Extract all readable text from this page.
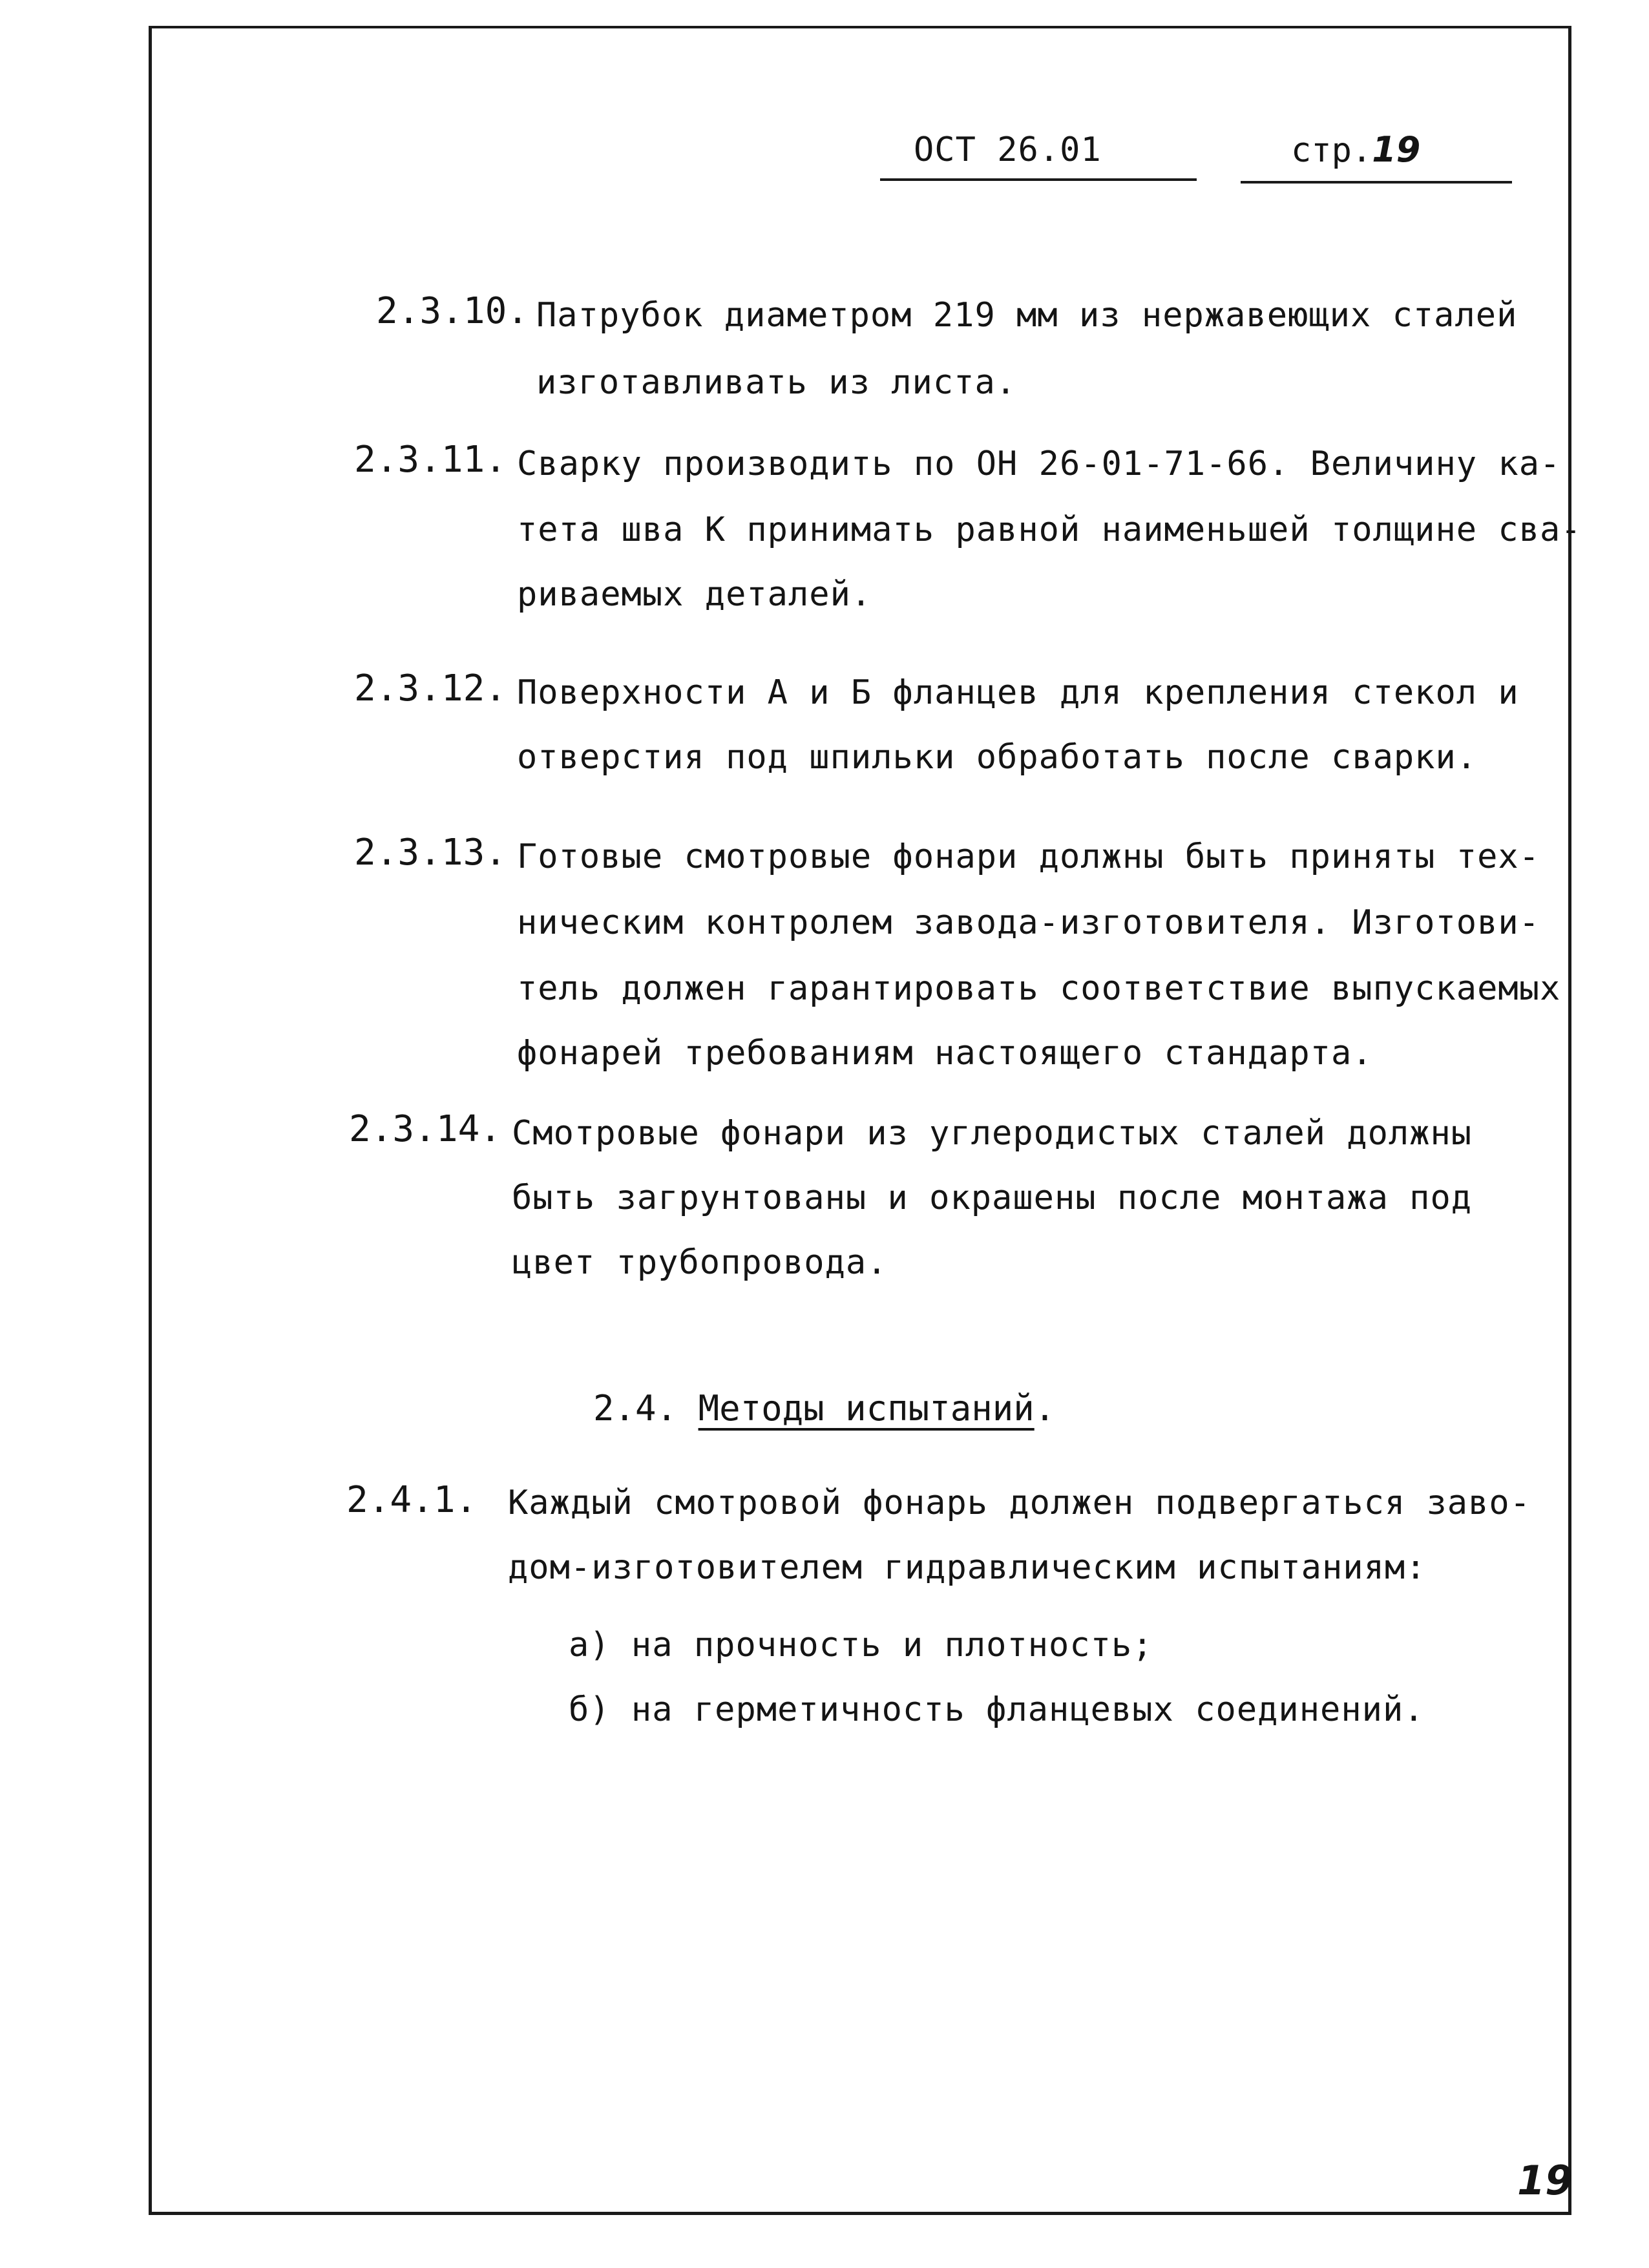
ОСТ 26.01	стр.19
2.3.10. Патрубок диаметром 219 мм из нержавеющих сталей
изготавливать из листа.
2.3.11. Сварку производить по ОН 26-01-71-66. Величину ка-
тета шва К принимать равной наименьшей толщине сва-
риваемых деталей.
2.3.12. Поверхности А и Б фланцев для крепления стекол и
отверстия под шпильки обработать после сварки.
2.3.13. Готовые смотровые фонари должны быть приняты тех-
ническим контролем завода-изготовителя. Изготови-
тель должен гарантировать соответствие выпускаемых
фонарей требованиям настоящего стандарта.
2.3.14. Смотровые фонари из углеродистых сталей должны
быть загрунтованы и окрашены после монтажа под
цвет трубопровода.
2.4. Методы испытаний.
2.4.1. Каждый смотровой фонарь должен подвергаться заво-
дом-изготовителем гидравлическим испытаниям:
а) на прочность и плотность;
б) на герметичность фланцевых соединений.
19
